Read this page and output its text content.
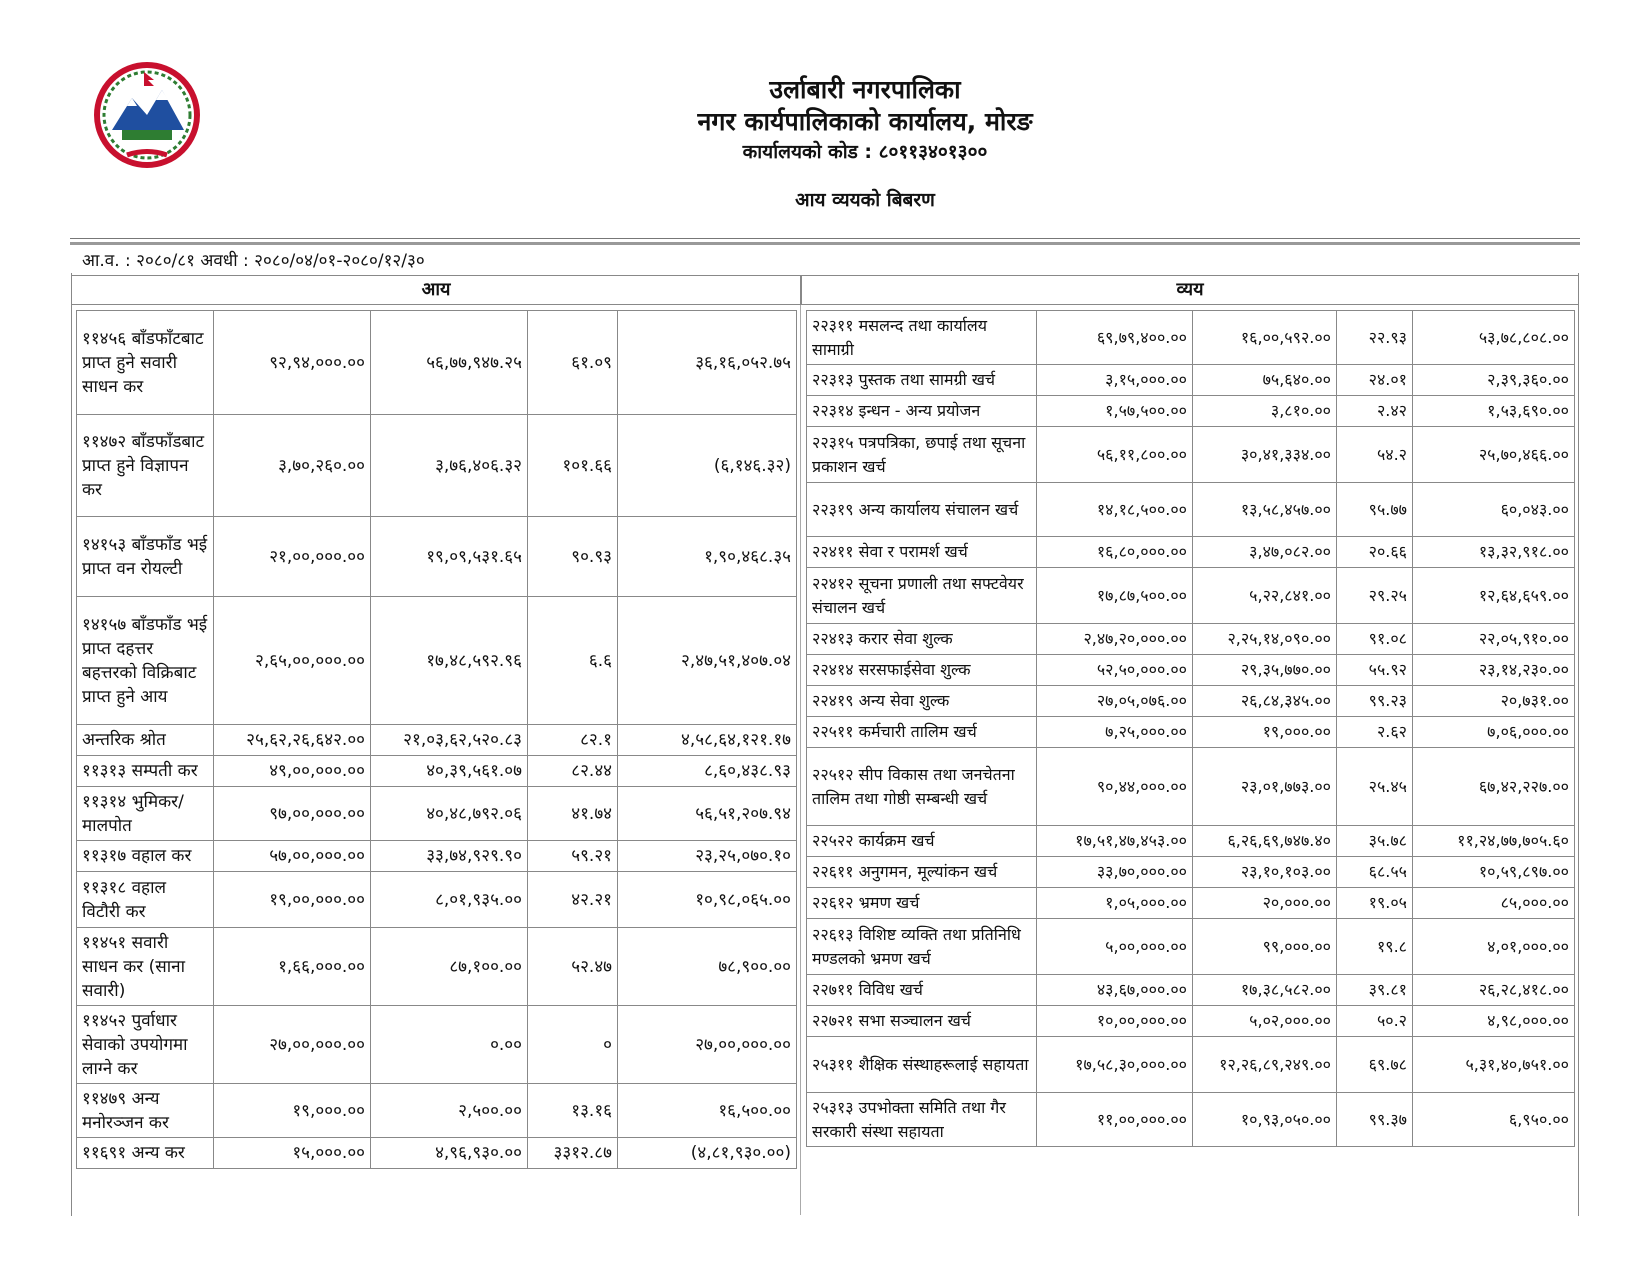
उर्लाबारी नगरपालिका
नगर कार्यपालिकाको कार्यालय, मोरङ
कार्यालयको कोड : ८०११३४०१३००
आय व्ययको बिबरण
आ.व. : २०८०/८१ अवधी : २०८०/०४/०१-२०८०/१२/३०
आय	व्यय
११४५६ बाँडफाँटबाट प्राप्त हुने सवारी साधन कर	९२,९४,०००.००	५६,७७,९४७.२५	६१.०९	३६,१६,०५२.७५
११४७२ बाँडफाँडबाट प्राप्त हुने विज्ञापन कर	३,७०,२६०.००	३,७६,४०६.३२	१०१.६६	(६,१४६.३२)
१४१५३ बाँडफाँड भई प्राप्त वन रोयल्टी	२१,००,०००.००	१९,०९,५३१.६५	९०.९३	१,९०,४६८.३५
१४१५७ बाँडफाँड भई प्राप्त दहत्तर बहत्तरको विक्रिबाट प्राप्त हुने आय	२,६५,००,०००.००	१७,४८,५९२.९६	६.६	२,४७,५१,४०७.०४
अन्तरिक श्रोत	२५,६२,२६,६४२.००	२१,०३,६२,५२०.८३	८२.१	४,५८,६४,१२१.१७
११३१३ सम्पती कर	४९,००,०००.००	४०,३९,५६१.०७	८२.४४	८,६०,४३८.९३
११३१४ भुमिकर/मालपोत	९७,००,०००.००	४०,४८,७९२.०६	४१.७४	५६,५१,२०७.९४
११३१७ वहाल कर	५७,००,०००.००	३३,७४,९२९.९०	५९.२१	२३,२५,०७०.१०
११३१८ वहाल विटौरी कर	१९,००,०००.००	८,०१,९३५.००	४२.२१	१०,९८,०६५.००
११४५१ सवारी साधन कर (साना सवारी)	१,६६,०००.००	८७,१००.००	५२.४७	७८,९००.००
११४५२ पुर्वाधार सेवाको उपयोगमा लाग्ने कर	२७,००,०००.००	०.००	०	२७,००,०००.००
११४७९ अन्य मनोरञ्जन कर	१९,०००.००	२,५००.००	१३.१६	१६,५००.००
११६९१ अन्य कर	१५,०००.००	४,९६,९३०.००	३३१२.८७	(४,८१,९३०.००)
२२३११ मसलन्द तथा कार्यालय सामाग्री	६९,७९,४००.००	१६,००,५९२.००	२२.९३	५३,७८,८०८.००
२२३१३ पुस्तक तथा सामग्री खर्च	३,१५,०००.००	७५,६४०.००	२४.०१	२,३९,३६०.००
२२३१४ इन्धन - अन्य प्रयोजन	१,५७,५००.००	३,८१०.००	२.४२	१,५३,६९०.००
२२३१५ पत्रपत्रिका, छपाई तथा सूचना प्रकाशन खर्च	५६,११,८००.००	३०,४१,३३४.००	५४.२	२५,७०,४६६.००
२२३१९ अन्य कार्यालय संचालन खर्च	१४,१८,५००.००	१३,५८,४५७.००	९५.७७	६०,०४३.००
२२४११ सेवा र परामर्श खर्च	१६,८०,०००.००	३,४७,०८२.००	२०.६६	१३,३२,९१८.००
२२४१२ सूचना प्रणाली तथा सफ्टवेयर संचालन खर्च	१७,८७,५००.००	५,२२,८४१.००	२९.२५	१२,६४,६५९.००
२२४१३ करार सेवा शुल्क	२,४७,२०,०००.००	२,२५,१४,०९०.००	९१.०८	२२,०५,९१०.००
२२४१४ सरसफाईसेवा शुल्क	५२,५०,०००.००	२९,३५,७७०.००	५५.९२	२३,१४,२३०.००
२२४१९ अन्य सेवा शुल्क	२७,०५,०७६.००	२६,८४,३४५.००	९९.२३	२०,७३१.००
२२५११ कर्मचारी तालिम खर्च	७,२५,०००.००	१९,०००.००	२.६२	७,०६,०००.००
२२५१२ सीप विकास तथा जनचेतना तालिम तथा गोष्ठी सम्बन्धी खर्च	९०,४४,०००.००	२३,०१,७७३.००	२५.४५	६७,४२,२२७.००
२२५२२ कार्यक्रम खर्च	१७,५१,४७,४५३.००	६,२६,६९,७४७.४०	३५.७८	११,२४,७७,७०५.६०
२२६११ अनुगमन, मूल्यांकन खर्च	३३,७०,०००.००	२३,१०,१०३.००	६८.५५	१०,५९,८९७.००
२२६१२ भ्रमण खर्च	१,०५,०००.००	२०,०००.००	१९.०५	८५,०००.००
२२६१३ विशिष्ट व्यक्ति तथा प्रतिनिधि मण्डलको भ्रमण खर्च	५,००,०००.००	९९,०००.००	१९.८	४,०१,०००.००
२२७११ विविध खर्च	४३,६७,०००.००	१७,३८,५८२.००	३९.८१	२६,२८,४१८.००
२२७२१ सभा सञ्चालन खर्च	१०,००,०००.००	५,०२,०००.००	५०.२	४,९८,०००.००
२५३११ शैक्षिक संस्थाहरूलाई सहायता	१७,५८,३०,०००.००	१२,२६,८९,२४९.००	६९.७८	५,३१,४०,७५१.००
२५३१३ उपभोक्ता समिति तथा गैर सरकारी संस्था सहायता	११,००,०००.००	१०,९३,०५०.००	९९.३७	६,९५०.००
